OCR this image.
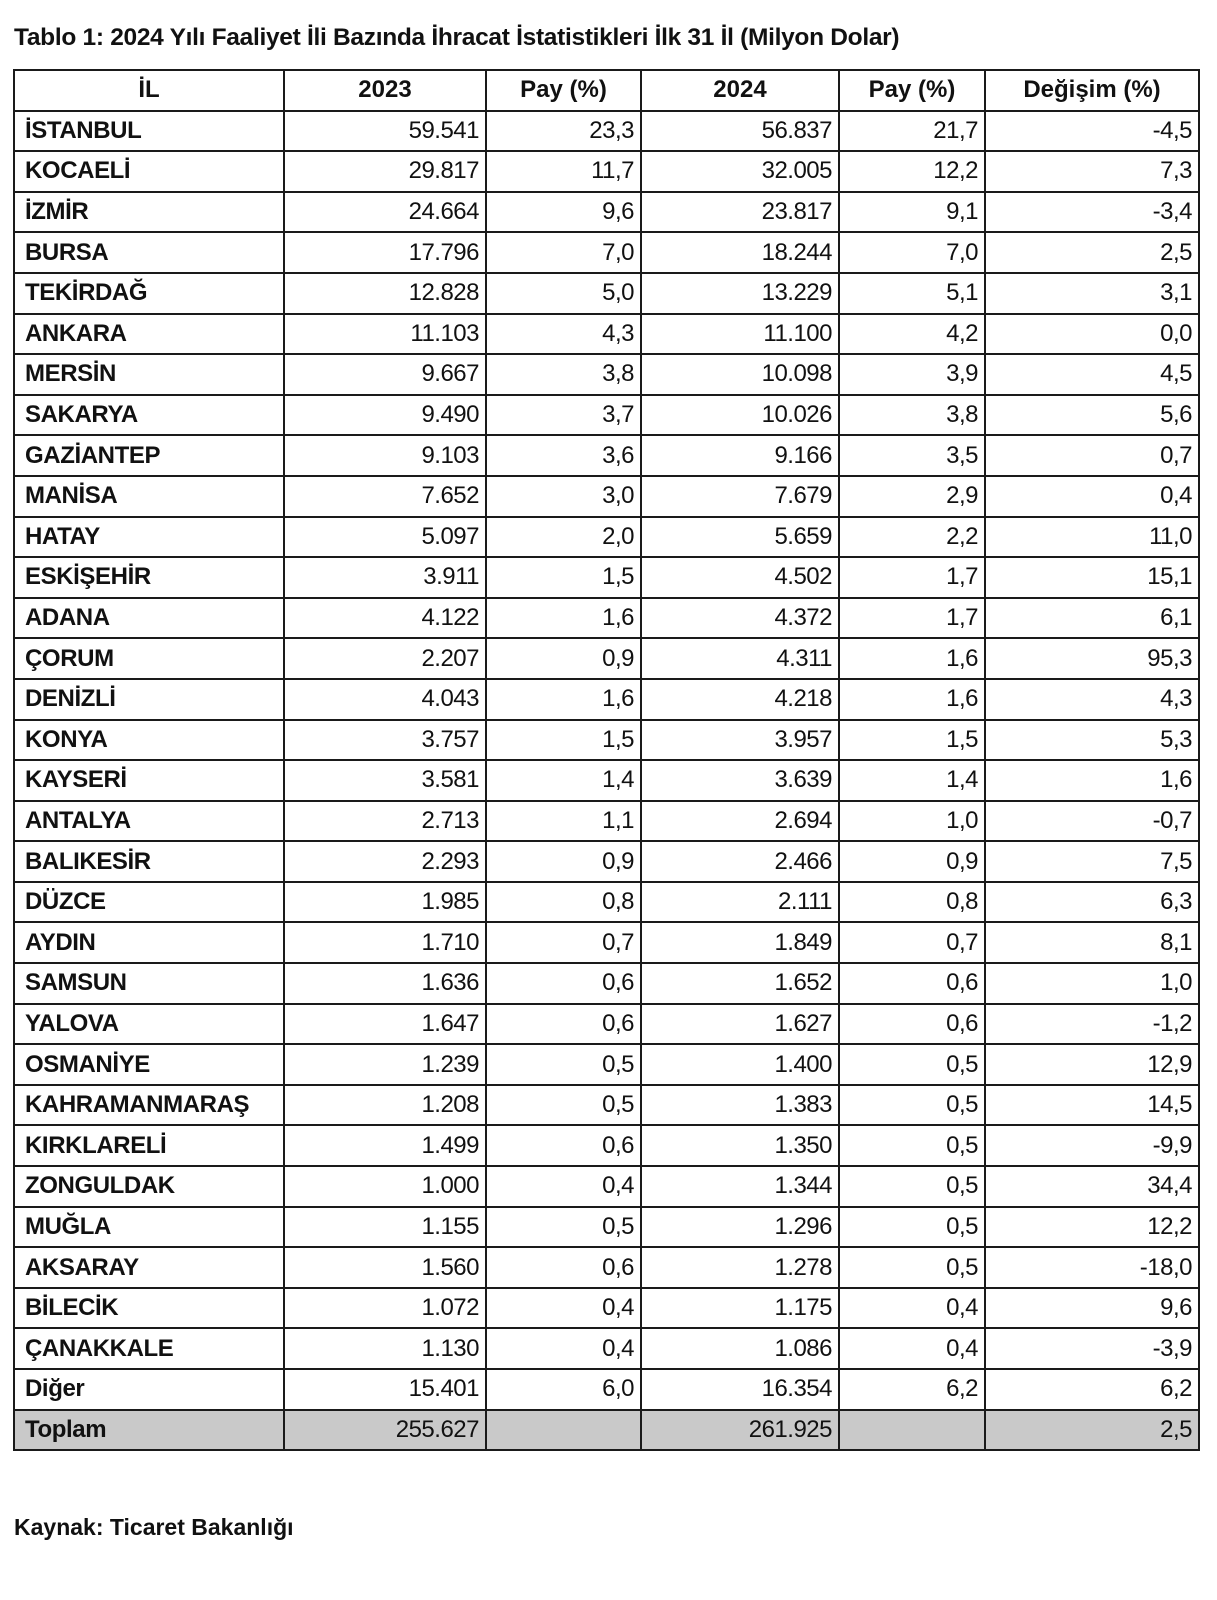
Tablo 1: 2024 Yılı Faaliyet İli Bazında İhracat İstatistikleri İlk 31 İl (Milyon Dolar)
İL	2023	Pay (%)	2024	Pay (%)	Değişim (%)
İSTANBUL	59.541	23,3	56.837	21,7	-4,5
KOCAELİ	29.817	11,7	32.005	12,2	7,3
İZMİR	24.664	9,6	23.817	9,1	-3,4
BURSA	17.796	7,0	18.244	7,0	2,5
TEKİRDAĞ	12.828	5,0	13.229	5,1	3,1
ANKARA	11.103	4,3	11.100	4,2	0,0
MERSİN	9.667	3,8	10.098	3,9	4,5
SAKARYA	9.490	3,7	10.026	3,8	5,6
GAZİANTEP	9.103	3,6	9.166	3,5	0,7
MANİSA	7.652	3,0	7.679	2,9	0,4
HATAY	5.097	2,0	5.659	2,2	11,0
ESKİŞEHİR	3.911	1,5	4.502	1,7	15,1
ADANA	4.122	1,6	4.372	1,7	6,1
ÇORUM	2.207	0,9	4.311	1,6	95,3
DENİZLİ	4.043	1,6	4.218	1,6	4,3
KONYA	3.757	1,5	3.957	1,5	5,3
KAYSERİ	3.581	1,4	3.639	1,4	1,6
ANTALYA	2.713	1,1	2.694	1,0	-0,7
BALIKESİR	2.293	0,9	2.466	0,9	7,5
DÜZCE	1.985	0,8	2.111	0,8	6,3
AYDIN	1.710	0,7	1.849	0,7	8,1
SAMSUN	1.636	0,6	1.652	0,6	1,0
YALOVA	1.647	0,6	1.627	0,6	-1,2
OSMANİYE	1.239	0,5	1.400	0,5	12,9
KAHRAMANMARAŞ	1.208	0,5	1.383	0,5	14,5
KIRKLARELİ	1.499	0,6	1.350	0,5	-9,9
ZONGULDAK	1.000	0,4	1.344	0,5	34,4
MUĞLA	1.155	0,5	1.296	0,5	12,2
AKSARAY	1.560	0,6	1.278	0,5	-18,0
BİLECİK	1.072	0,4	1.175	0,4	9,6
ÇANAKKALE	1.130	0,4	1.086	0,4	-3,9
Diğer	15.401	6,0	16.354	6,2	6,2
Toplam	255.627		261.925		2,5
Kaynak: Ticaret Bakanlığı
